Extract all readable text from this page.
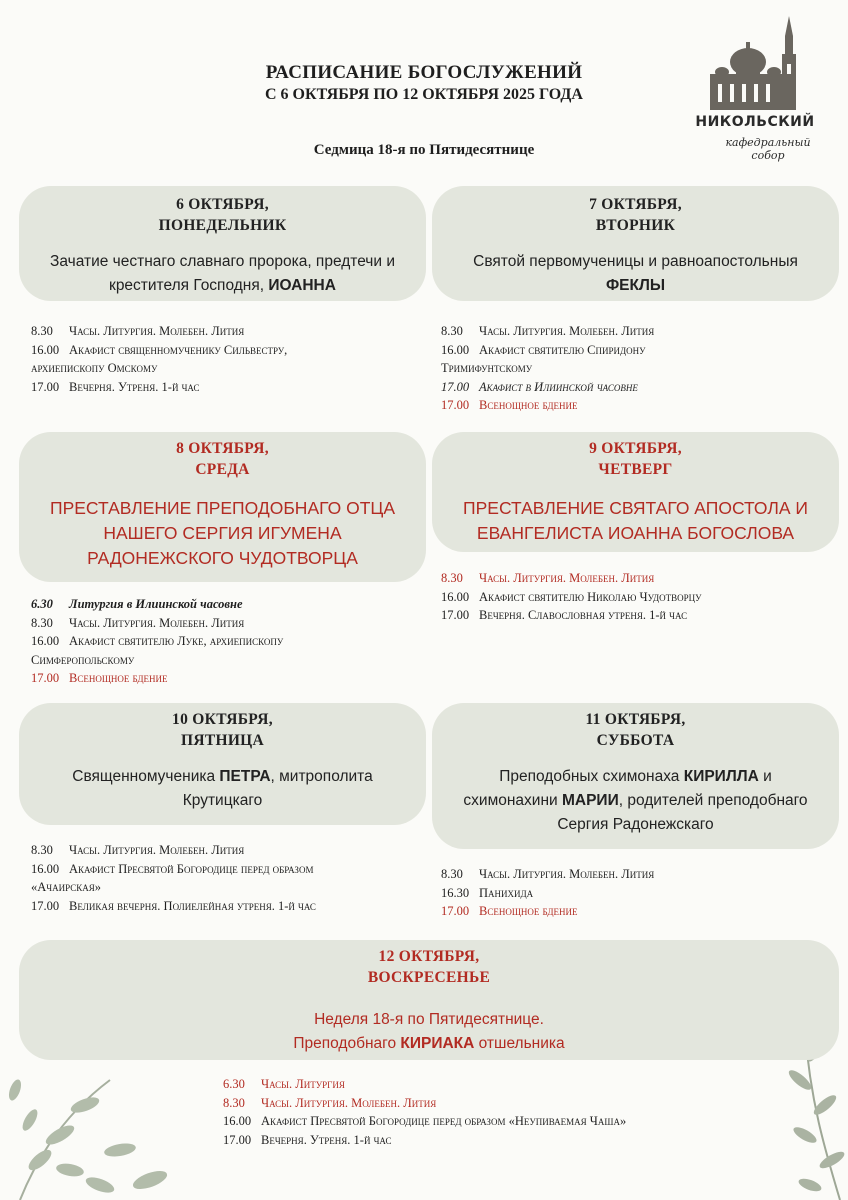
НИКОЛЬСКИЙ
кафедральный собор
РАСПИСАНИЕ БОГОСЛУЖЕНИЙ
С 6 ОКТЯБРЯ ПО 12 ОКТЯБРЯ 2025 ГОДА
Седмица 18-я по Пятидесятнице
6 ОКТЯБРЯ,
ПОНЕДЕЛЬНИК
Зачатие честнаго славнаго пророка, предтечи и
крестителя Господня, ИОАННА
8.30 Часы. Литургия. Молебен. Лития
16.00 Акафист священномученику Сильвестру,
архиепископу Омскому
17.00 Вечерня. Утреня. 1-й час
7 ОКТЯБРЯ,
ВТОРНИК
Святой первомученицы и равноапостольныя
ФЕКЛЫ
8.30 Часы. Литургия. Молебен. Лития
16.00 Акафист святителю Спиридону
Тримифунтскому
17.00 Акафист в Илиинской часовне
17.00 Всенощное бдение
8 ОКТЯБРЯ,
СРЕДА
ПРЕСТАВЛЕНИЕ ПРЕПОДОБНАГО ОТЦА
НАШЕГО СЕРГИЯ ИГУМЕНА
РАДОНЕЖСКОГО ЧУДОТВОРЦА
6.30 Литургия в Илиинской часовне
8.30 Часы. Литургия. Молебен. Лития
16.00 Акафист святителю Луке, архиепископу
Симферопольскому
17.00 Всенощное бдение
9 ОКТЯБРЯ,
ЧЕТВЕРГ
ПРЕСТАВЛЕНИЕ СВЯТАГО АПОСТОЛА И
ЕВАНГЕЛИСТА ИОАННА БОГОСЛОВА
8.30 Часы. Литургия. Молебен. Лития
16.00 Акафист святителю Николаю Чудотворцу
17.00 Вечерня. Славословная утреня. 1-й час
10 ОКТЯБРЯ,
ПЯТНИЦА
Священномученика ПЕТРА, митрополита
Крутицкаго
8.30 Часы. Литургия. Молебен. Лития
16.00 Акафист Пресвятой Богородице перед образом
«Ачаирская»
17.00 Великая вечерня. Полиелейная утреня. 1-й час
11 ОКТЯБРЯ,
СУББОТА
Преподобных схимонаха КИРИЛЛА и
схимонахини МАРИИ, родителей преподобнаго
Сергия Радонежскаго
8.30 Часы. Литургия. Молебен. Лития
16.30 Панихида
17.00 Всенощное бдение
12 ОКТЯБРЯ,
ВОСКРЕСЕНЬЕ
Неделя 18-я по Пятидесятнице.
Преподобнаго КИРИАКА отшельника
6.30 Часы. Литургия
8.30 Часы. Литургия. Молебен. Лития
16.00 Акафист Пресвятой Богородице перед образом «Неупиваемая Чаша»
17.00 Вечерня. Утреня. 1-й час
